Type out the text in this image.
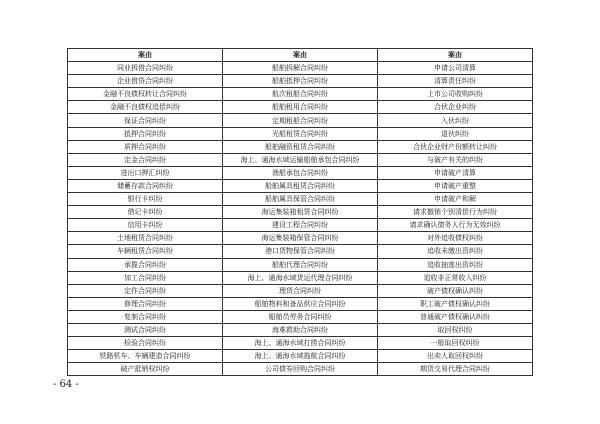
案由	案由	案由
同业拆借合同纠纷	船舶拆解合同纠纷	申请公司清算
企业借贷合同纠纷	船舶抵押合同纠纷	清算责任纠纷
金融不良债权转让合同纠纷	航次租船合同纠纷	上市公司收购纠纷
金融不良债权追偿纠纷	船舶租用合同纠纷	合伙企业纠纷
保证合同纠纷	定期租船合同纠纷	入伙纠纷
抵押合同纠纷	光船租赁合同纠纷	退伙纠纷
质押合同纠纷	船舶融资租赁合同纠纷	合伙企业财产份额转让纠纷
定金合同纠纷	海上、通海水域运输船舶承包合同纠纷	与破产有关的纠纷
进出口押汇纠纷	渔船承包合同纠纷	申请破产清算
储蓄存款合同纠纷	船舶属具租赁合同纠纷	申请破产重整
银行卡纠纷	船舶属具保管合同纠纷	申请破产和解
借记卡纠纷	海运集装箱租赁合同纠纷	请求撤销个别清偿行为纠纷
信用卡纠纷	建设工程合同纠纷	请求确认债务人行为无效纠纷
土地租赁合同纠纷	海运集装箱保管合同纠纷	对外追收债权纠纷
车辆租赁合同纠纷	港口货物保管合同纠纷	追收未缴出资纠纷
承揽合同纠纷	船舶代理合同纠纷	追收抽逃出资纠纷
加工合同纠纷	海上、通海水域货运代理合同纠纷	追收非正常收入纠纷
定作合同纠纷	理货合同纠纷	破产债权确认纠纷
修理合同纠纷	船舶物料和备品供应合同纠纷	职工破产债权确认纠纷
复制合同纠纷	船舶员劳务合同纠纷	普通破产债权确认纠纷
测试合同纠纷	海难救助合同纠纷	取回权纠纷
检验合同纠纷	海上、通海水域打捞合同纠纷	一般取回权纠纷
铁路机车、车辆建造合同纠纷	海上、通海水域拖航合同纠纷	出卖人取回权纠纷
破产抵销权纠纷	公司债券回购合同纠纷	期货交易代理合同纠纷
- 64 -
